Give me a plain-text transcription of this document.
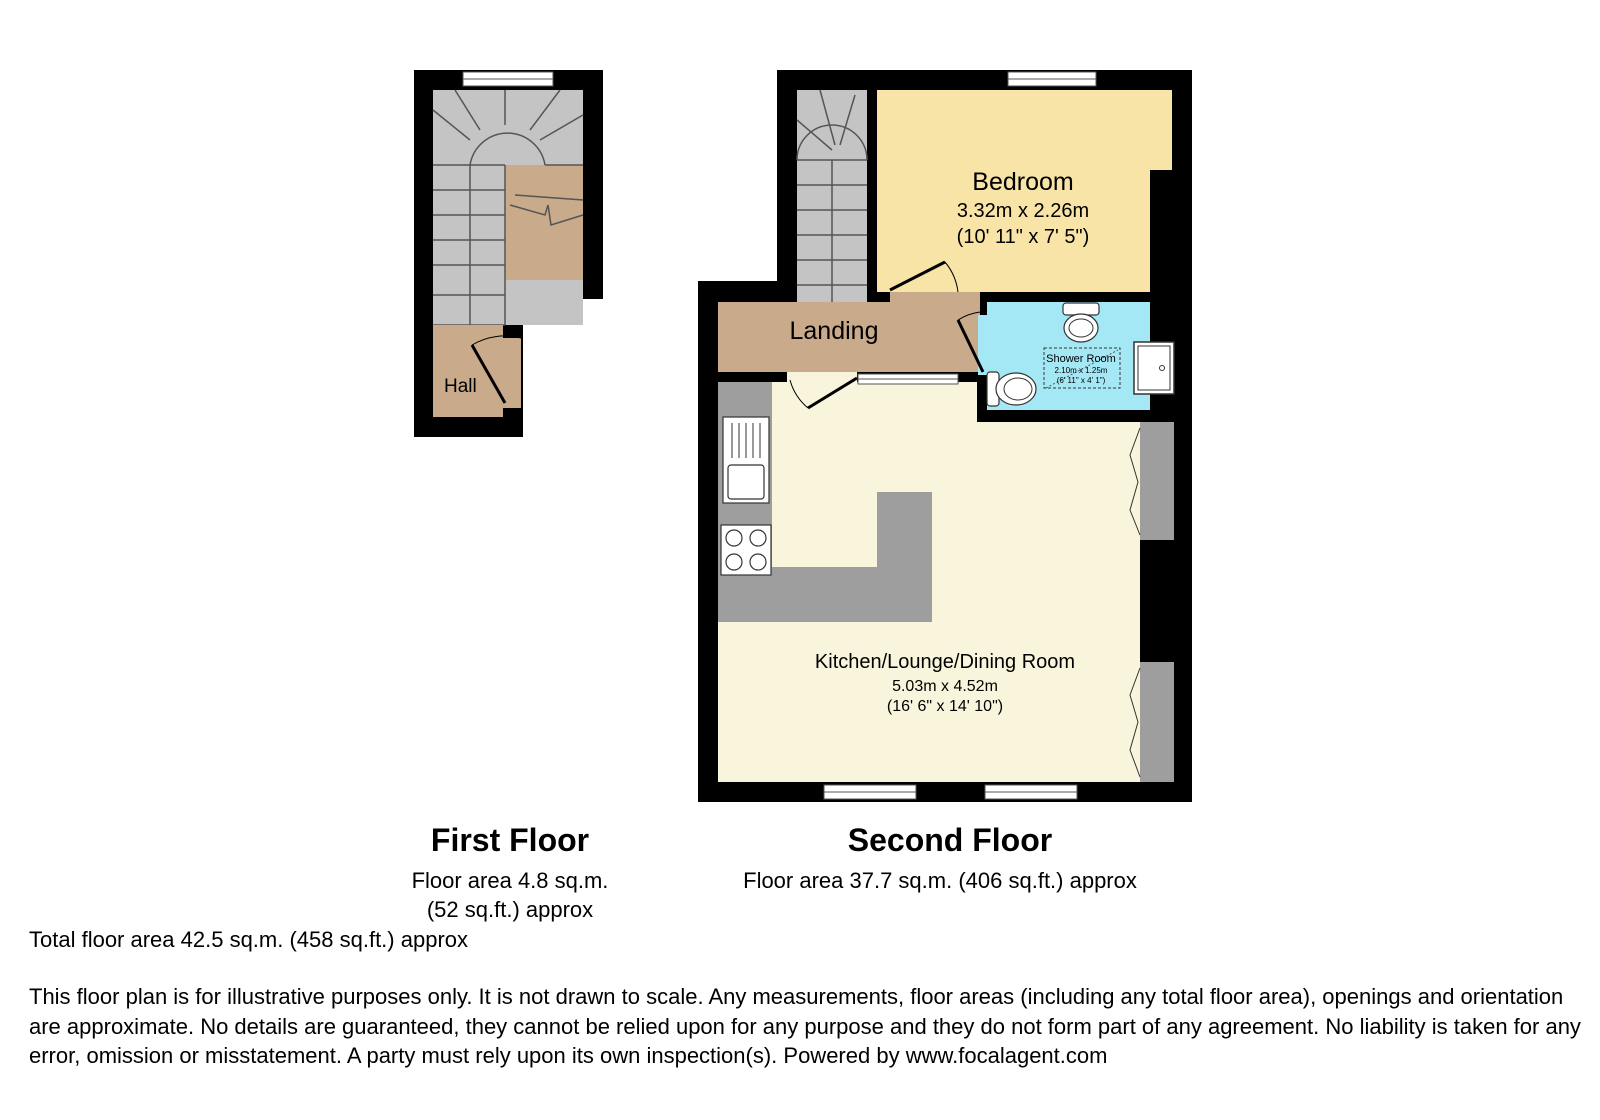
Hall
Landing
Bedroom
3.32m x 2.26m
(10' 11" x 7' 5")
Shower Room
2.10m x 1.25m
(6' 11" x 4' 1")
Kitchen/Lounge/Dining Room
5.03m x 4.52m
(16' 6" x 14' 10")
First Floor
Floor area 4.8 sq.m.
(52 sq.ft.) approx
Second Floor
Floor area 37.7 sq.m. (406 sq.ft.) approx
Total floor area 42.5 sq.m. (458 sq.ft.) approx
This floor plan is for illustrative purposes only. It is not drawn to scale. Any measurements, floor areas (including any total floor area), openings and orientation are approximate. No details are guaranteed, they cannot be relied upon for any purpose and they do not form part of any agreement. No liability is taken for any error, omission or misstatement. A party must rely upon its own inspection(s). Powered by www.focalagent.com
